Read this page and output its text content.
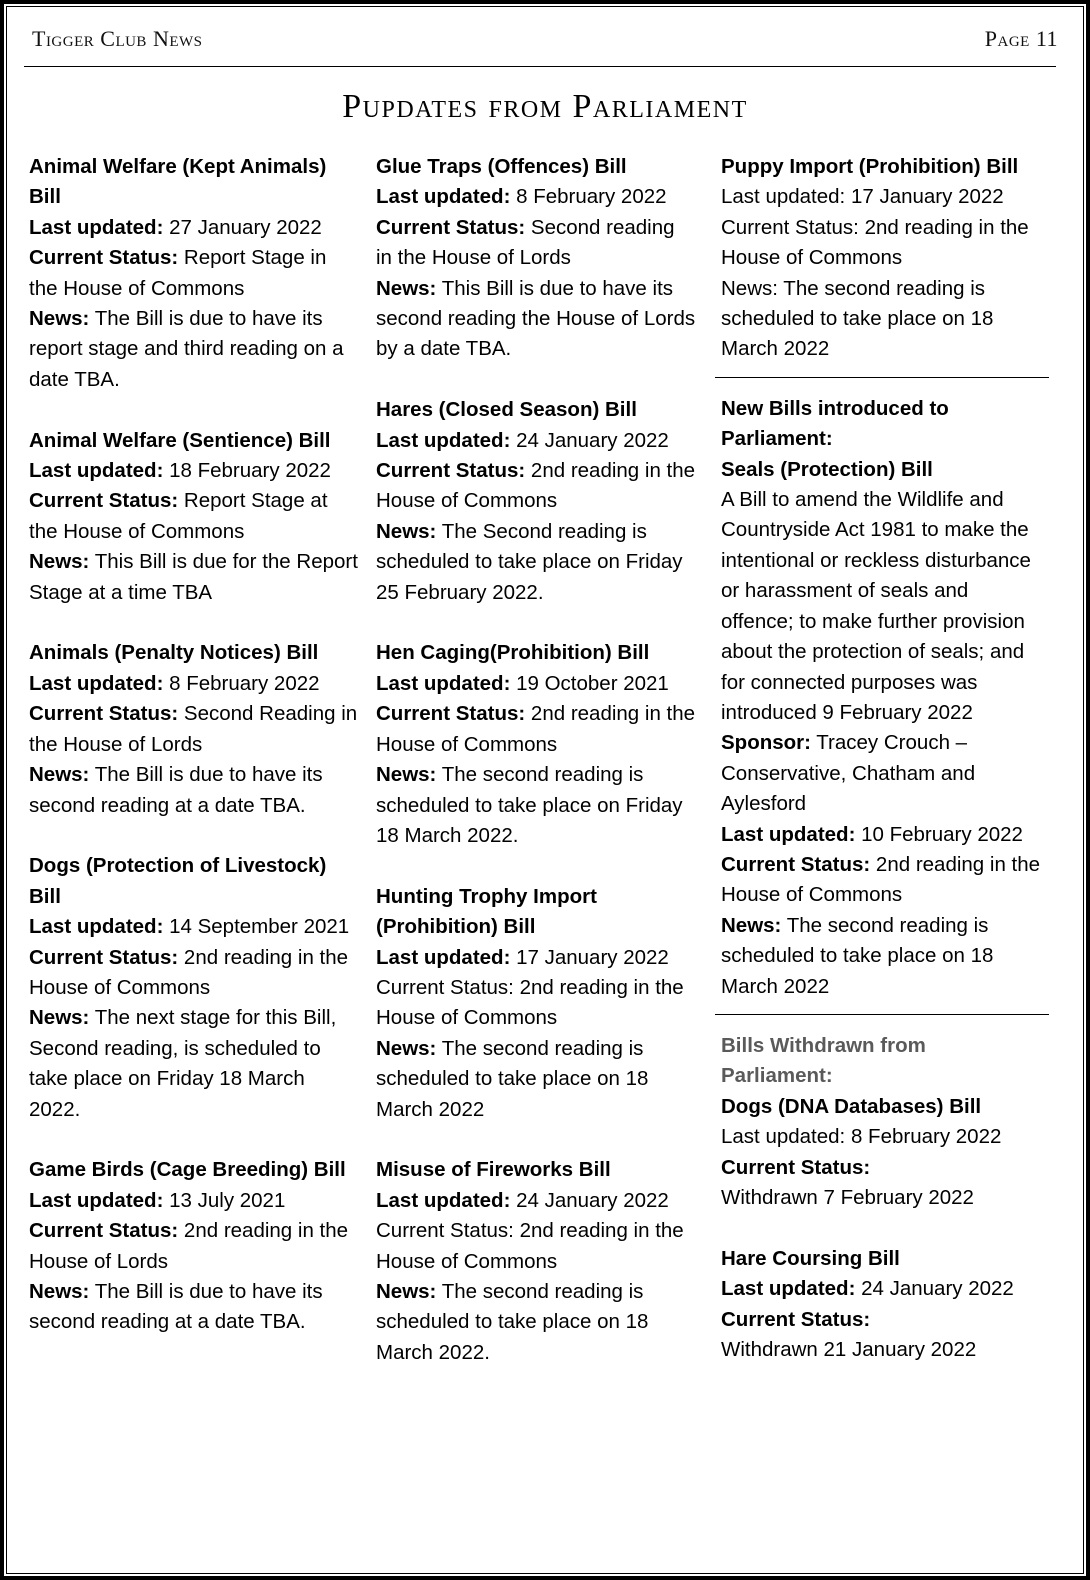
Tigger Club News	Page 11
Pupdates from Parliament

Animal Welfare (Kept Animals) Bill

Last updated: 27 January 2022

Current Status: Report Stage in the House of Commons

News: The Bill is due to have its report stage and third reading on a date TBA.

Animal Welfare (Sentience) Bill

Last updated: 18 February 2022

Current Status: Report Stage at the House of Commons

News: This Bill is due for the Report Stage at a time TBA

Animals (Penalty Notices) Bill

Last updated: 8 February 2022

Current Status: Second Reading in the House of Lords

News: The Bill is due to have its second reading at a date TBA.

Dogs (Protection of Livestock) Bill

Last updated: 14 September 2021

Current Status: 2nd reading in the House of Commons

News: The next stage for this Bill, Second reading, is scheduled to take place on Friday 18 March 2022.

Game Birds (Cage Breeding) Bill

Last updated: 13 July 2021

Current Status: 2nd reading in the House of Lords

News: The Bill is due to have its second reading at a date TBA.

Glue Traps (Offences) Bill

Last updated: 8 February 2022

Current Status: Second reading in the House of Lords

News: This Bill is due to have its second reading the House of Lords by a date TBA.

Hares (Closed Season) Bill

Last updated: 24 January 2022

Current Status: 2nd reading in the House of Commons

News: The Second reading is scheduled to take place on Friday 25 February 2022.

Hen Caging(Prohibition) Bill

Last updated: 19 October 2021

Current Status: 2nd reading in the House of Commons

News: The second reading is scheduled to take place on Friday 18 March 2022.

Hunting Trophy Import (Prohibition) Bill

Last updated: 17 January 2022

Current Status: 2nd reading in the House of Commons

News: The second reading is scheduled to take place on 18 March 2022

Misuse of Fireworks Bill

Last updated: 24 January 2022

Current Status: 2nd reading in the House of Commons

News: The second reading is scheduled to take place on 18 March 2022.

Puppy Import (Prohibition) Bill

Last updated: 17 January 2022

Current Status: 2nd reading in the House of Commons

News: The second reading is scheduled to take place on 18 March 2022

New Bills introduced to Parliament:

Seals (Protection) Bill

A Bill to amend the Wildlife and Countryside Act 1981 to make the intentional or reckless disturbance or harassment of seals and offence; to make further provision about the protection of seals; and for connected purposes was introduced 9 February 2022

Sponsor: Tracey Crouch – Conservative, Chatham and Aylesford

Last updated: 10 February 2022

Current Status: 2nd reading in the House of Commons

News: The second reading is scheduled to take place on 18 March 2022

Bills Withdrawn from Parliament:

Dogs (DNA Databases) Bill

Last updated: 8 February 2022

Current Status:
Withdrawn 7 February 2022

Hare Coursing Bill

Last updated: 24 January 2022

Current Status:
Withdrawn 21 January 2022
